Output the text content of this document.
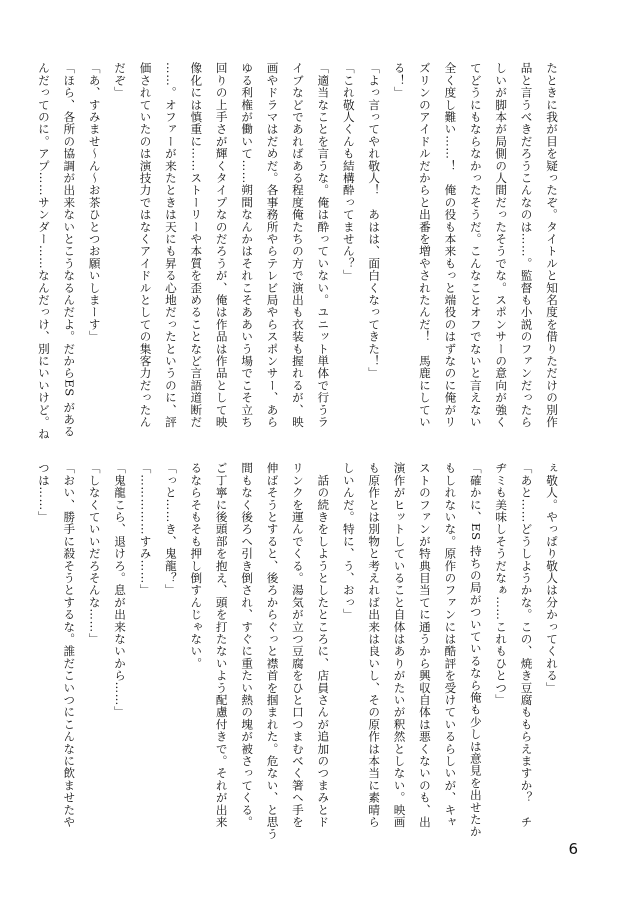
たときに我が目を疑ったぞ。タイトルと知名度を借りただけの別作
品と言うべきだろうこんなのは……。監督も小説のファンだったら
しいが脚本が局側の人間だったそうでな。スポンサーの意向が強く
てどうにもならなかったそうだ。こんなことオフでないと言えない
全く度し難い……！　俺の役も本来もっと端役のはずなのに俺がリ
ズリンのアイドルだからと出番を増やされたんだ！　馬鹿にしてい
る！」
「よっ言ってやれ敬人！　あはは、面白くなってきた！」
「これ敬人くんも結構酔ってません？」
「適当なことを言うな。俺は酔っていない。ユニット単体で行うラ
イブなどであればある程度俺たちの方で演出も衣装も握れるが、映
画やドラマはだめだ。各事務所やらテレビ局やらスポンサー、あら
ゆる利権が働いて……朔間なんかはそれこそああいう場でこそ立ち
回りの上手さが輝くタイプなのだろうが、俺は作品は作品として映
像化には慎重に……ストーリーや本質を歪めることなど言語道断だ
……。オファーが来たときは天にも昇る心地だったというのに、評
価されていたのは演技力ではなくアイドルとしての集客力だったん
だぞ」
「あ、すみませ〜ん〜お茶ひとつお願いしまーす」
「ほら、各所の協調が出来ないとこうなるんだよ。だからES がある
んだってのに。アプ……サンダー……なんだっけ、別にいいけど。ね
ぇ敬人。やっぱり敬人は分かってくれる」
「あと……どうしようかな。この、焼き豆腐ももらえますか？　チ
ヂミも美味しそうだなぁ……これもひとつ」
「確かに、ES 持ちの局がついているなら俺も少しは意見を出せたか
もしれないな。原作のファンには酷評を受けているらしいが、キャ
ストのファンが特典目当てに通うから興収自体は悪くないのも、出
演作がヒットしていること自体はありがたいが釈然としない。映画
も原作とは別物と考えれば出来は良いし、その原作は本当に素晴ら
しいんだ。特に、う、おっ」
　話の続きをしようとしたところに、店員さんが追加のつまみとド
リンクを運んでくる。湯気が立つ豆腐をひと口つまむべく箸へ手を
伸ばそうとすると、後ろからぐっと襟首を掴まれた。危ない、と思う
間もなく後ろへ引き倒され、すぐに重たい熱の塊が被さってくる。
ご丁寧に後頭部を抱え、頭を打たないよう配慮付きで。それが出来
るならそもそも押し倒すんじゃない。
「っと……き、鬼龍？」
「……………すみ……」
「鬼龍こら、退けろ。息が出来ないから……」
「しなくていいだろそんな……」
「おい、勝手に殺そうとするな。誰だこいつにこんなに飲ませたや
つは……」
6
